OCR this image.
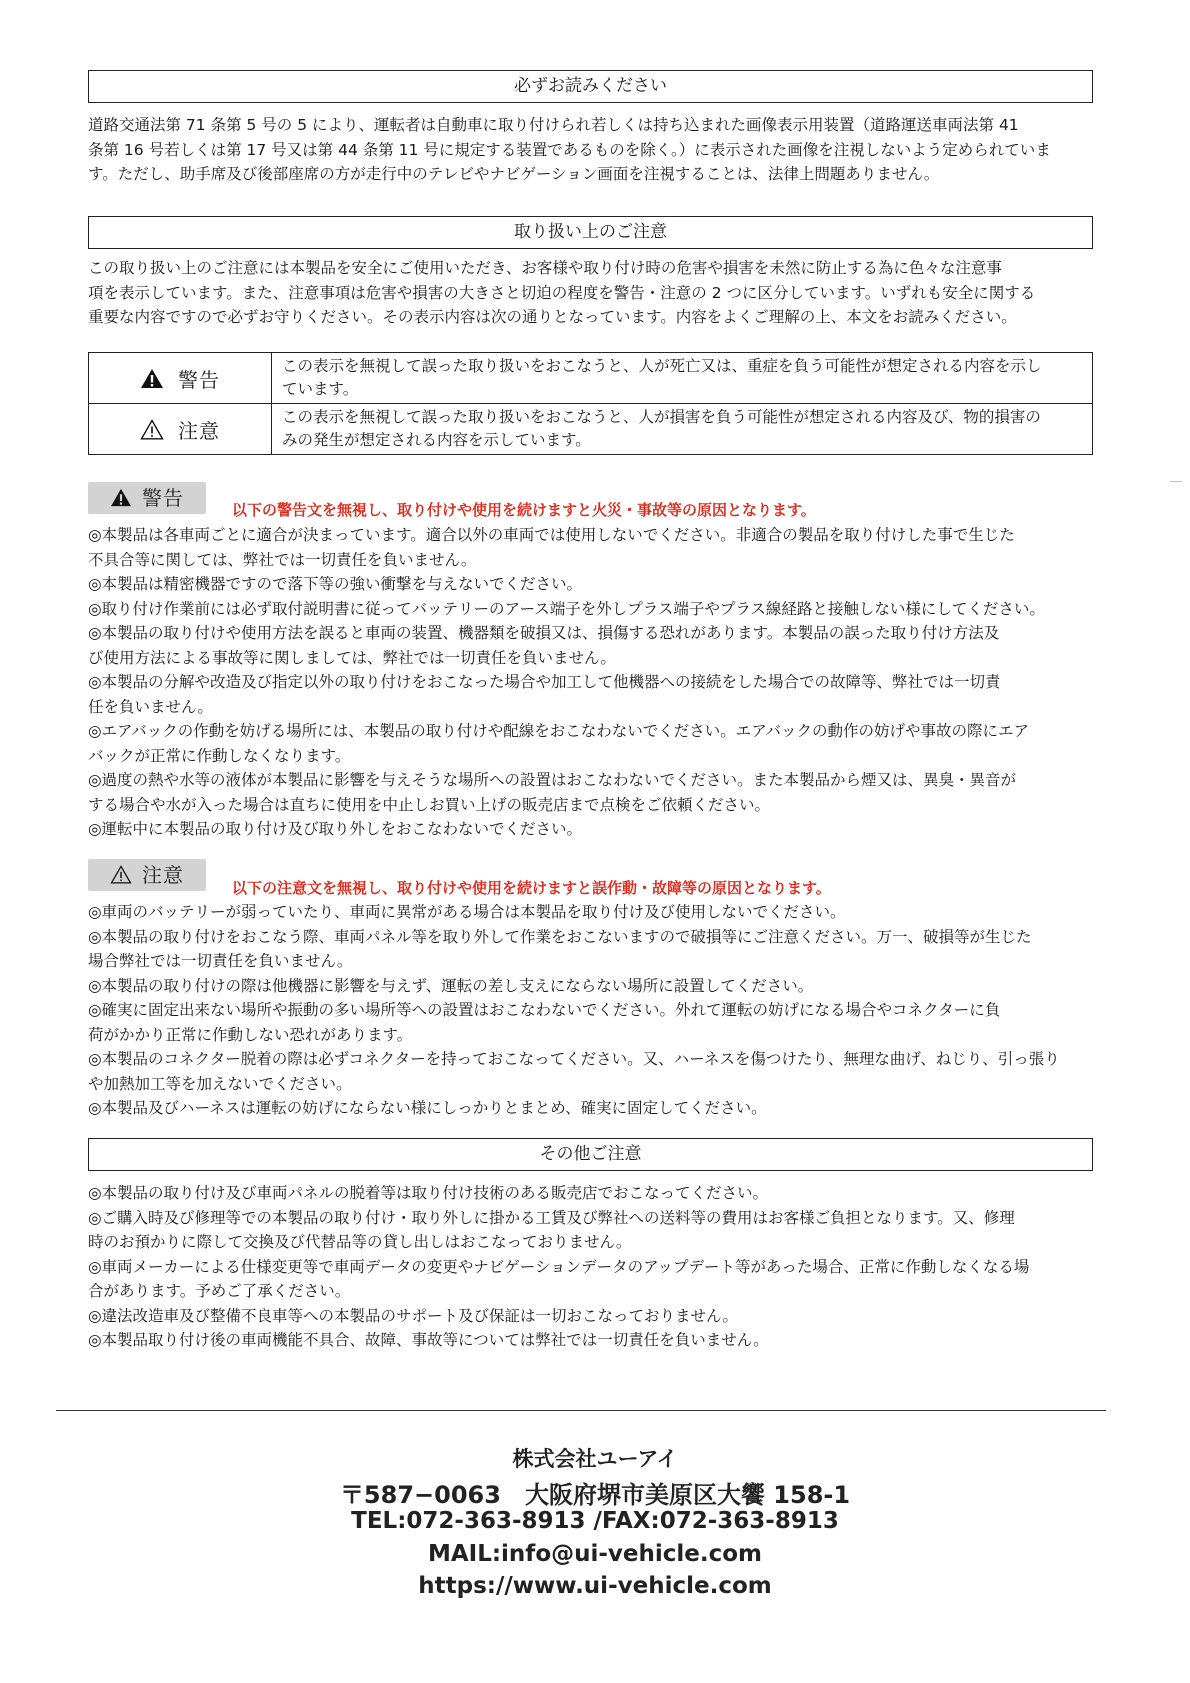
必ずお読みください

道路交通法第 71 条第 5 号の 5 により、運転者は自動車に取り付けられ若しくは持ち込まれた画像表示用装置（道路運送車両法第 41
条第 16 号若しくは第 17 号又は第 44 条第 11 号に規定する装置であるものを除く。）に表示された画像を注視しないよう定められていま
す。ただし、助手席及び後部座席の方が走行中のテレビやナビゲーション画面を注視することは、法律上問題ありません。

取り扱い上のご注意

この取り扱い上のご注意には本製品を安全にご使用いただき、お客様や取り付け時の危害や損害を未然に防止する為に色々な注意事
項を表示しています。また、注意事項は危害や損害の大きさと切迫の程度を警告・注意の 2 つに区分しています。いずれも安全に関する
重要な内容ですので必ずお守りください。その表示内容は次の通りとなっています。内容をよくご理解の上、本文をお読みください。

警告	この表示を無視して誤った取り扱いをおこなうと、人が死亡又は、重症を負う可能性が想定される内容を示し
ています。

注意	この表示を無視して誤った取り扱いをおこなうと、人が損害を負う可能性が想定される内容及び、物的損害の
みの発生が想定される内容を示しています。
警告	以下の警告文を無視し、取り付けや使用を続けますと火災・事故等の原因となります。
◎本製品は各車両ごとに適合が決まっています。適合以外の車両では使用しないでください。非適合の製品を取り付けした事で生じた
不具合等に関しては、弊社では一切責任を負いません。
◎本製品は精密機器ですので落下等の強い衝撃を与えないでください。
◎取り付け作業前には必ず取付説明書に従ってバッテリーのアース端子を外しプラス端子やプラス線経路と接触しない様にしてください。
◎本製品の取り付けや使用方法を誤ると車両の装置、機器類を破損又は、損傷する恐れがあります。本製品の誤った取り付け方法及
び使用方法による事故等に関しましては、弊社では一切責任を負いません。
◎本製品の分解や改造及び指定以外の取り付けをおこなった場合や加工して他機器への接続をした場合での故障等、弊社では一切責
任を負いません。
◎エアバックの作動を妨げる場所には、本製品の取り付けや配線をおこなわないでください。エアバックの動作の妨げや事故の際にエア
バックが正常に作動しなくなります。
◎過度の熱や水等の液体が本製品に影響を与えそうな場所への設置はおこなわないでください。また本製品から煙又は、異臭・異音が
する場合や水が入った場合は直ちに使用を中止しお買い上げの販売店まで点検をご依頼ください。
◎運転中に本製品の取り付け及び取り外しをおこなわないでください。
注意
以下の注意文を無視し、取り付けや使用を続けますと誤作動・故障等の原因となります。
◎車両のバッテリーが弱っていたり、車両に異常がある場合は本製品を取り付け及び使用しないでください。
◎本製品の取り付けをおこなう際、車両パネル等を取り外して作業をおこないますので破損等にご注意ください。万一、破損等が生じた
場合弊社では一切責任を負いません。
◎本製品の取り付けの際は他機器に影響を与えず、運転の差し支えにならない場所に設置してください。
◎確実に固定出来ない場所や振動の多い場所等への設置はおこなわないでください。外れて運転の妨げになる場合やコネクターに負
荷がかかり正常に作動しない恐れがあります。
◎本製品のコネクター脱着の際は必ずコネクターを持っておこなってください。又、ハーネスを傷つけたり、無理な曲げ、ねじり、引っ張り
や加熱加工等を加えないでください。
◎本製品及びハーネスは運転の妨げにならない様にしっかりとまとめ、確実に固定してください。
その他ご注意
◎本製品の取り付け及び車両パネルの脱着等は取り付け技術のある販売店でおこなってください。
◎ご購入時及び修理等での本製品の取り付け・取り外しに掛かる工賃及び弊社への送料等の費用はお客様ご負担となります。又、修理
時のお預かりに際して交換及び代替品等の貸し出しはおこなっておりません。
◎車両メーカーによる仕様変更等で車両データの変更やナビゲーションデータのアップデート等があった場合、正常に作動しなくなる場
合があります。予めご了承ください。
◎違法改造車及び整備不良車等への本製品のサポート及び保証は一切おこなっておりません。
◎本製品取り付け後の車両機能不具合、故障、事故等については弊社では一切責任を負いません。
株式会社ユーアイ
〒587−0063　大阪府堺市美原区大饗 158-1
TEL:072-363-8913 /FAX:072-363-8913
MAIL:info@ui-vehicle.com
https://www.ui-vehicle.com
